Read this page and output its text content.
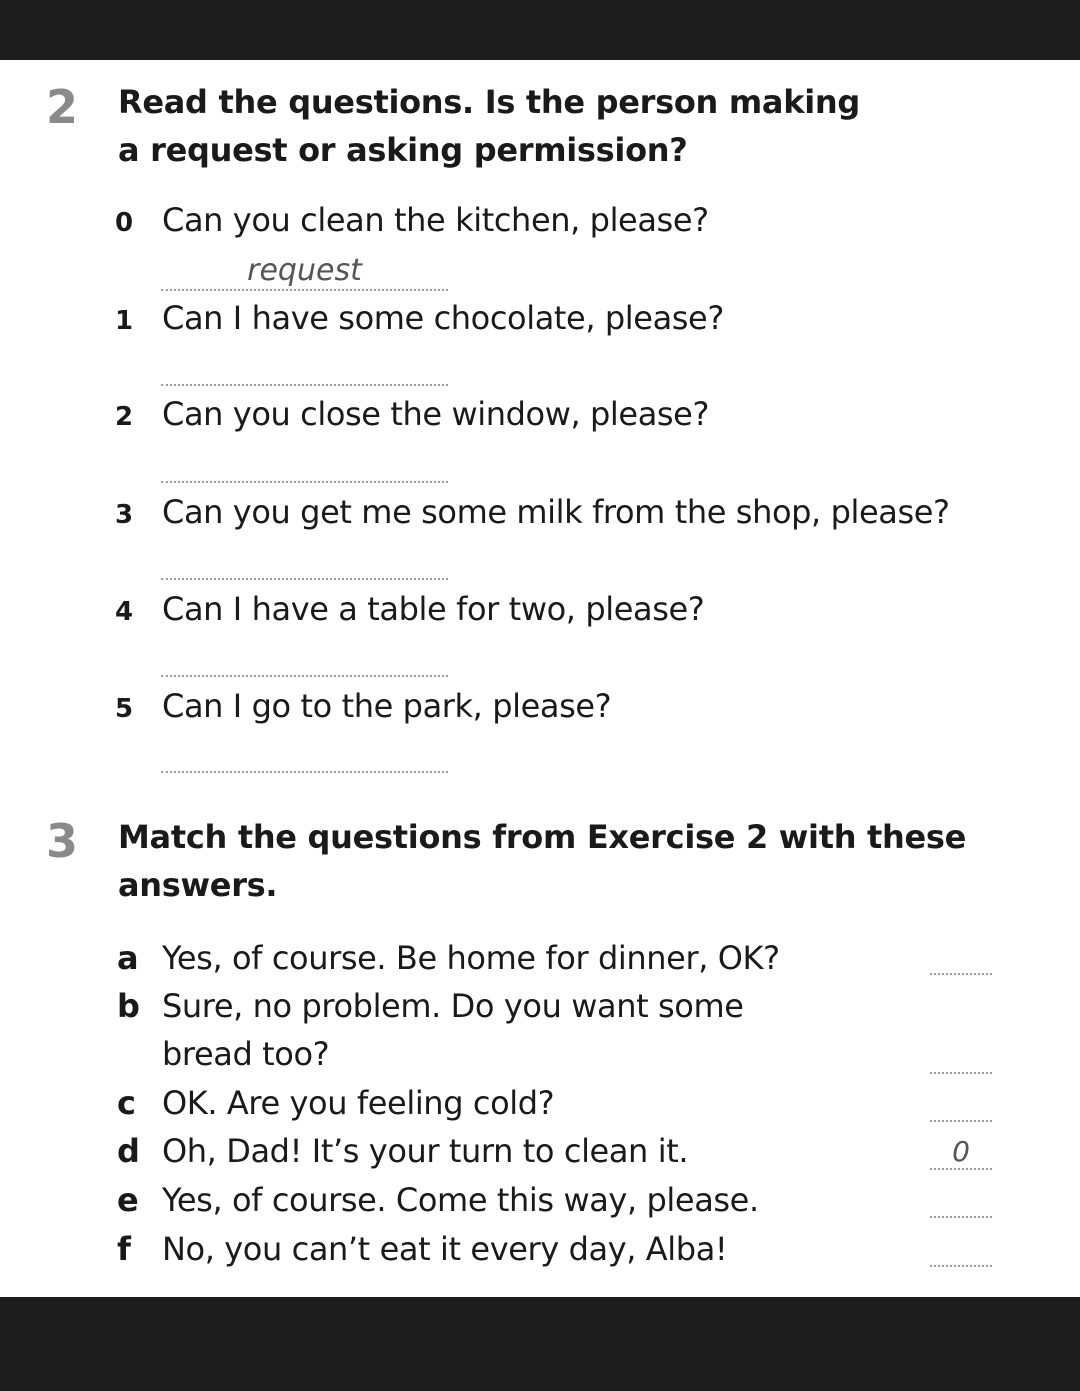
2 Read the questions. Is the person making
a request or asking permission?
0 Can you clean the kitchen, please?
request
1 Can I have some chocolate, please?
2 Can you close the window, please?
3 Can you get me some milk from the shop, please?
4 Can I have a table for two, please?
5 Can I go to the park, please?
3 Match the questions from Exercise 2 with these
answers.
a Yes, of course. Be home for dinner, OK?
b Sure, no problem. Do you want some
bread too?
c OK. Are you feeling cold?
d Oh, Dad! It’s your turn to clean it.	0
e Yes, of course. Come this way, please.
f No, you can’t eat it every day, Alba!
